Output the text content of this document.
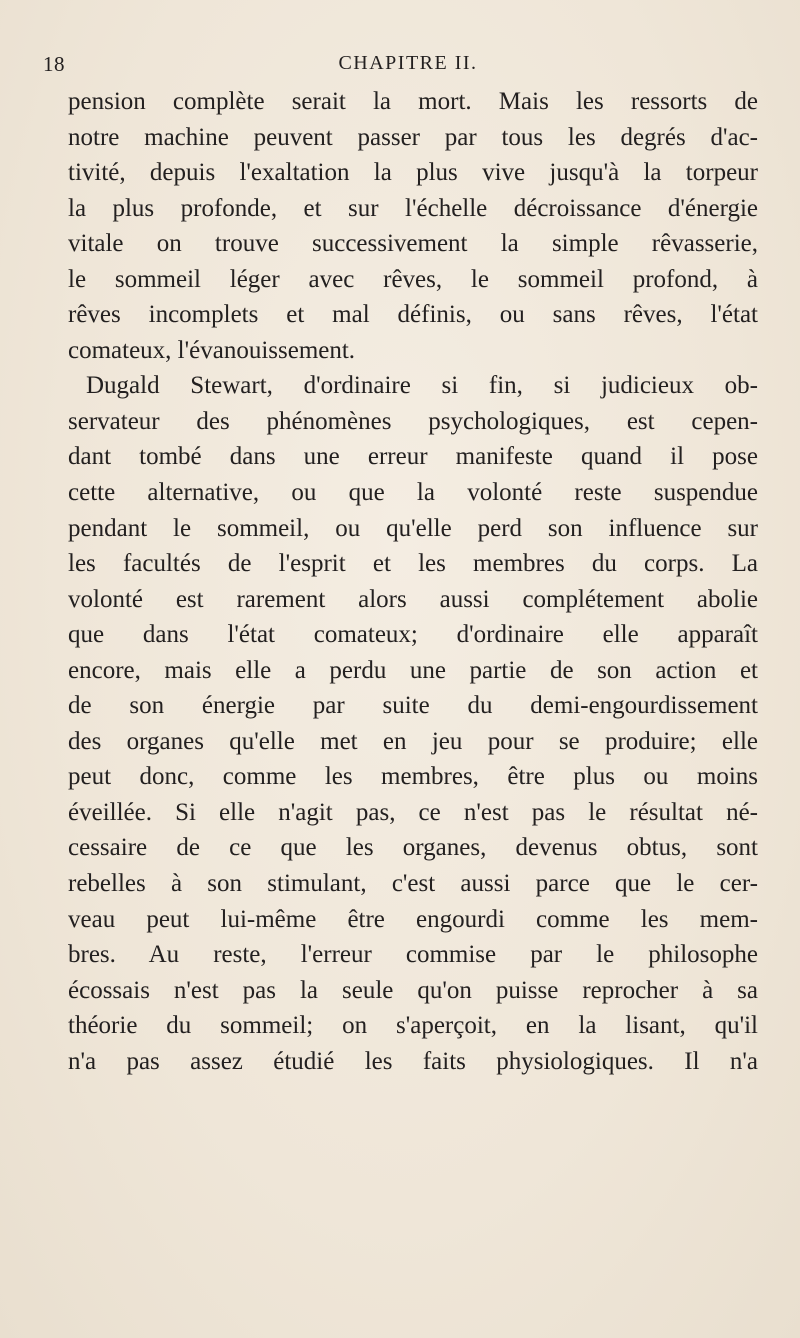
18	CHAPITRE II.
pension complète serait la mort. Mais les ressorts de
notre machine peuvent passer par tous les degrés d'ac-
tivité, depuis l'exaltation la plus vive jusqu'à la torpeur
la plus profonde, et sur l'échelle décroissance d'énergie
vitale on trouve successivement la simple rêvasserie,
le sommeil léger avec rêves, le sommeil profond, à
rêves incomplets et mal définis, ou sans rêves, l'état
comateux, l'évanouissement.
Dugald Stewart, d'ordinaire si fin, si judicieux ob-
servateur des phénomènes psychologiques, est cepen-
dant tombé dans une erreur manifeste quand il pose
cette alternative, ou que la volonté reste suspendue
pendant le sommeil, ou qu'elle perd son influence sur
les facultés de l'esprit et les membres du corps. La
volonté est rarement alors aussi complétement abolie
que dans l'état comateux; d'ordinaire elle apparaît
encore, mais elle a perdu une partie de son action et
de son énergie par suite du demi-engourdissement
des organes qu'elle met en jeu pour se produire; elle
peut donc, comme les membres, être plus ou moins
éveillée. Si elle n'agit pas, ce n'est pas le résultat né-
cessaire de ce que les organes, devenus obtus, sont
rebelles à son stimulant, c'est aussi parce que le cer-
veau peut lui-même être engourdi comme les mem-
bres. Au reste, l'erreur commise par le philosophe
écossais n'est pas la seule qu'on puisse reprocher à sa
théorie du sommeil; on s'aperçoit, en la lisant, qu'il
n'a pas assez étudié les faits physiologiques. Il n'a
